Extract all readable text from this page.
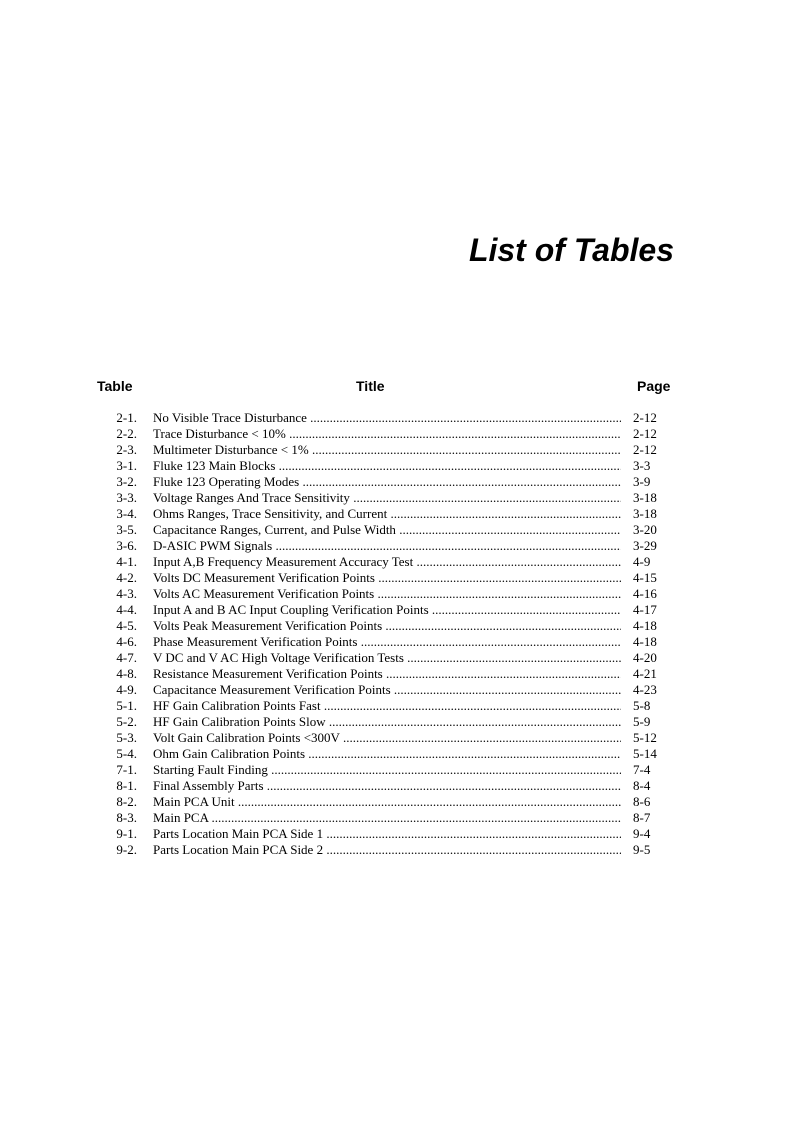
List of Tables
Table	Title	Page
2-1. No Visible Trace Disturbance .....	2-12
2-2. Trace Disturbance < 10% .....	2-12
2-3. Multimeter Disturbance < 1% .....	2-12
3-1. Fluke 123 Main Blocks .....	3-3
3-2. Fluke 123 Operating Modes .....	3-9
3-3. Voltage Ranges And Trace Sensitivity .....	3-18
3-4. Ohms Ranges, Trace Sensitivity, and Current .....	3-18
3-5. Capacitance Ranges, Current, and Pulse Width .....	3-20
3-6. D-ASIC PWM Signals .....	3-29
4-1. Input A,B Frequency Measurement Accuracy Test .....	4-9
4-2. Volts DC Measurement Verification Points .....	4-15
4-3. Volts AC Measurement Verification Points .....	4-16
4-4. Input A and B AC Input Coupling Verification Points .....	4-17
4-5. Volts Peak Measurement Verification Points .....	4-18
4-6. Phase Measurement Verification Points .....	4-18
4-7. V DC and V AC High Voltage Verification Tests .....	4-20
4-8. Resistance Measurement Verification Points .....	4-21
4-9. Capacitance Measurement Verification Points .....	4-23
5-1. HF Gain Calibration Points Fast .....	5-8
5-2. HF Gain Calibration Points Slow .....	5-9
5-3. Volt Gain Calibration Points <300V .....	5-12
5-4. Ohm Gain Calibration Points .....	5-14
7-1. Starting Fault Finding .....	7-4
8-1. Final Assembly Parts .....	8-4
8-2. Main PCA Unit .....	8-6
8-3. Main PCA .....	8-7
9-1. Parts Location Main PCA Side 1 .....	9-4
9-2. Parts Location Main PCA Side 2 .....	9-5
